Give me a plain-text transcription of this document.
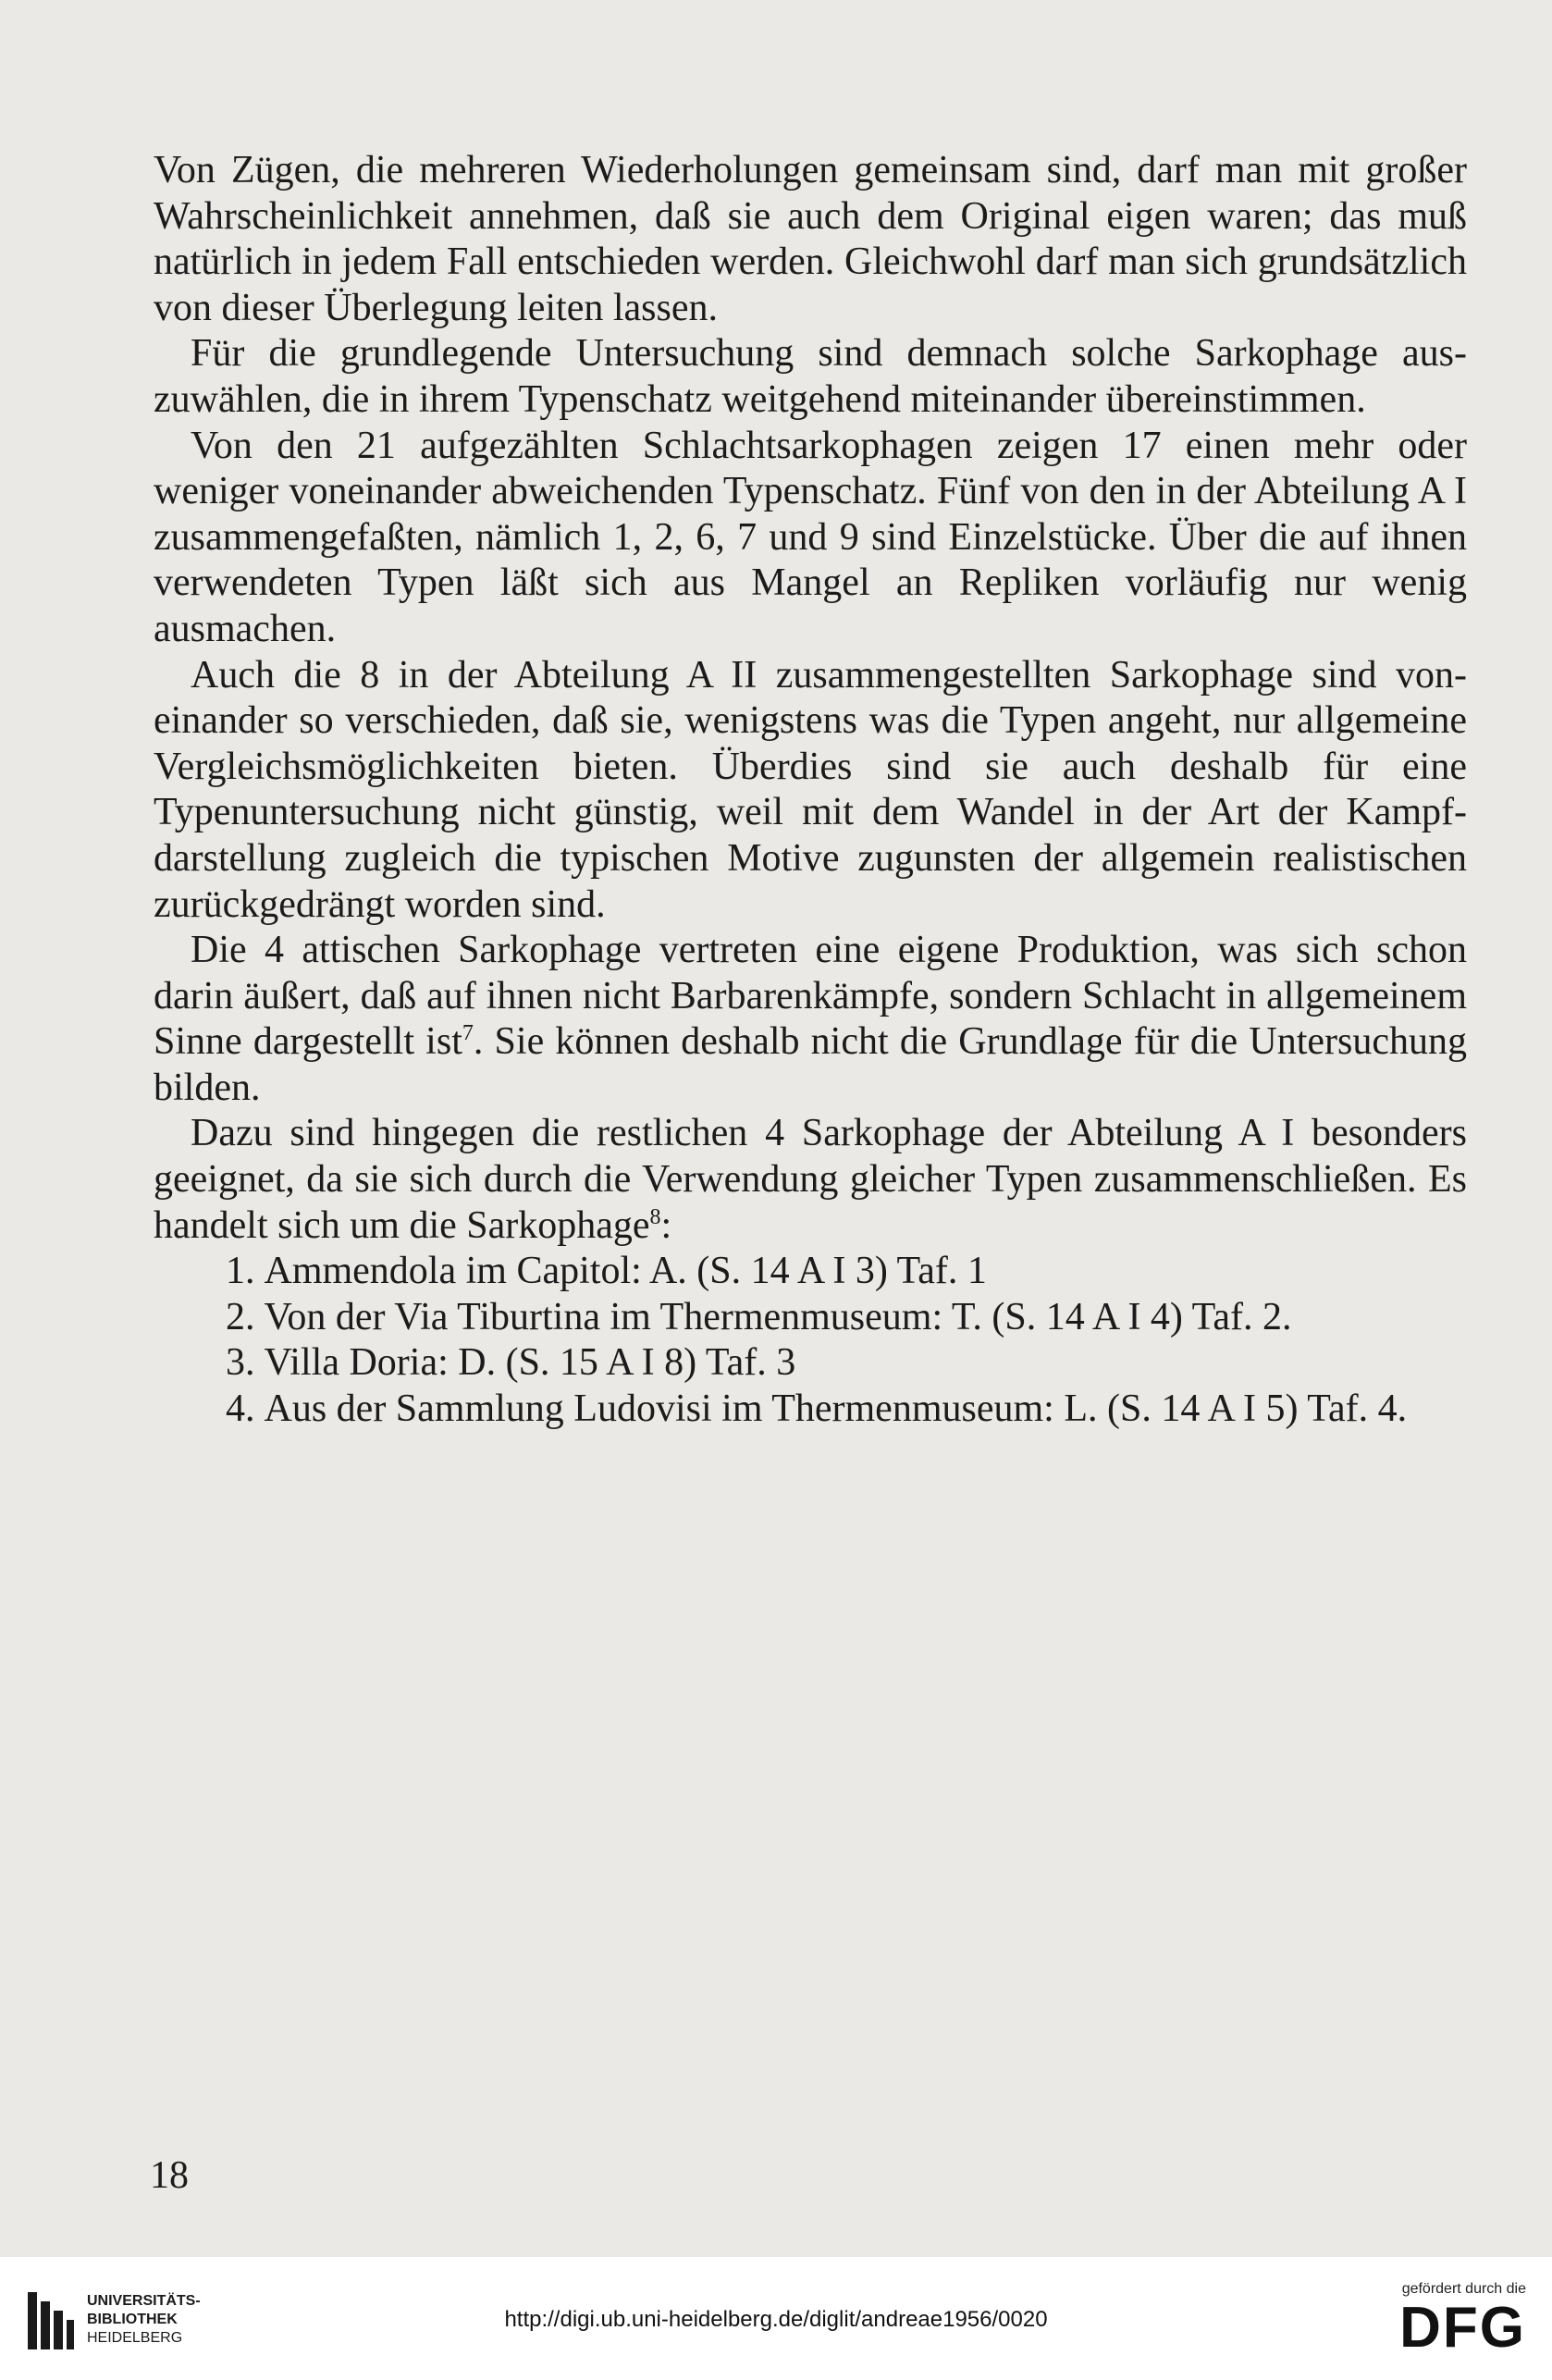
Von Zügen, die mehreren Wiederholungen gemeinsam sind, darf man mit großer Wahrscheinlichkeit annehmen, daß sie auch dem Original eigen waren; das muß natürlich in jedem Fall entschieden werden. Gleichwohl darf man sich grundsätzlich von dieser Überlegung leiten lassen.

Für die grundlegende Untersuchung sind demnach solche Sarkophage auszuwählen, die in ihrem Typenschatz weitgehend miteinander übereinstimmen.

Von den 21 aufgezählten Schlachtsarkophagen zeigen 17 einen mehr oder weniger voneinander abweichenden Typenschatz. Fünf von den in der Abteilung A I zusammengefaßten, nämlich 1, 2, 6, 7 und 9 sind Einzelstücke. Über die auf ihnen verwendeten Typen läßt sich aus Mangel an Repliken vorläufig nur wenig ausmachen.

Auch die 8 in der Abteilung A II zusammengestellten Sarkophage sind voneinander so verschieden, daß sie, wenigstens was die Typen angeht, nur allgemeine Vergleichsmöglichkeiten bieten. Überdies sind sie auch deshalb für eine Typenuntersuchung nicht günstig, weil mit dem Wandel in der Art der Kampfdarstellung zugleich die typischen Motive zugunsten der allgemein realistischen zurückgedrängt worden sind.

Die 4 attischen Sarkophage vertreten eine eigene Produktion, was sich schon darin äußert, daß auf ihnen nicht Barbarenkämpfe, sondern Schlacht in allgemeinem Sinne dargestellt ist$^7$. Sie können deshalb nicht die Grundlage für die Untersuchung bilden.

Dazu sind hingegen die restlichen 4 Sarkophage der Abteilung A I besonders geeignet, da sie sich durch die Verwendung gleicher Typen zusammenschließen. Es handelt sich um die Sarkophage$^8$:

1. Ammendola im Capitol: A. (S. 14 A I 3) Taf. 1
2. Von der Via Tiburtina im Thermenmuseum: T. (S. 14 A I 4) Taf. 2.
3. Villa Doria: D. (S. 15 A I 8) Taf. 3
4. Aus der Sammlung Ludovisi im Thermenmuseum: L. (S. 14 A I 5) Taf. 4.
18
UNIVERSITÄTS-
BIBLIOTHEK
HEIDELBERG
http://digi.ub.uni-heidelberg.de/diglit/andreae1956/0020
gefördert durch die
DFG
